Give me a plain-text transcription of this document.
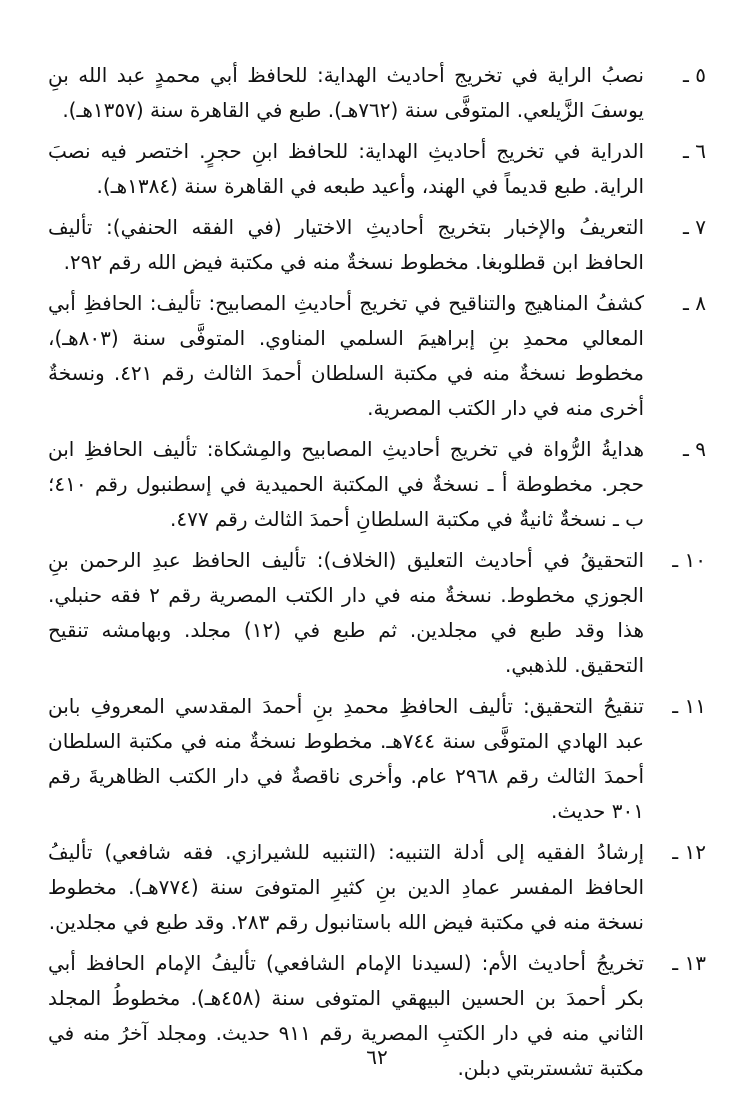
٥ ـ
نصبُ الراية في تخريج أحاديث الهداية: للحافظ أبي محمدٍ عبد الله بنِ يوسفَ الزَّيلعي. المتوفَّى سنة (٧٦٢هـ). طبع في القاهرة سنة (١٣٥٧هـ).
٦ ـ
الدراية في تخريج أحاديثِ الهداية: للحافظ ابنِ حجرٍ. اختصر فيه نصبَ الراية. طبع قديماً في الهند، وأعيد طبعه في القاهرة سنة (١٣٨٤هـ).
٧ ـ
التعريفُ والإخبار بتخريج أحاديثِ الاختيار (في الفقه الحنفي): تأليف الحافظ ابن قطلوبغا. مخطوط نسخةٌ منه في مكتبة فيض الله رقم ٢٩٢.
٨ ـ
كشفُ المناهيج والتناقيح في تخريج أحاديثِ المصابيح: تأليف: الحافظِ أبي المعالي محمدِ بنِ إبراهيمَ السلمي المناوي. المتوفَّى سنة (٨٠٣هـ)، مخطوط نسخةٌ منه في مكتبة السلطان أحمدَ الثالث رقم ٤٢١. ونسخةٌ أخرى منه في دار الكتب المصرية.
٩ ـ
هدايةُ الرُّواة في تخريج أحاديثِ المصابيح والمِشكاة: تأليف الحافظِ ابن حجر. مخطوطة أ ـ نسخةٌ في المكتبة الحميدية في إسطنبول رقم ٤١٠؛ ب ـ نسخةٌ ثانيةٌ في مكتبة السلطانِ أحمدَ الثالث رقم ٤٧٧.
١٠ ـ
التحقيقُ في أحاديث التعليق (الخلاف): تأليف الحافظ عبدِ الرحمن بنِ الجوزي مخطوط. نسخةٌ منه في دار الكتب المصرية رقم ٢ فقه حنبلي. هذا وقد طبع في مجلدين. ثم طبع في (١٢) مجلد. وبهامشه تنقيح التحقيق. للذهبي.
١١ ـ
تنقيحُ التحقيق: تأليف الحافظِ محمدِ بنِ أحمدَ المقدسي المعروفِ بابن عبد الهادي المتوفَّى سنة ٧٤٤هـ. مخطوط نسخةٌ منه في مكتبة السلطان أحمدَ الثالث رقم ٢٩٦٨ عام. وأخرى ناقصةٌ في دار الكتب الظاهريةَ رقم ٣٠١ حديث.
١٢ ـ
إرشادُ الفقيه إلى أدلة التنبيه: (التنبيه للشيرازي. فقه شافعي) تأليفُ الحافظ المفسر عمادِ الدين بنِ كثيرِ المتوفىَ سنة (٧٧٤هـ). مخطوط نسخة منه في مكتبة فيض الله باستانبول رقم ٢٨٣. وقد طبع في مجلدين.
١٣ ـ
تخريجُ أحاديث الأم: (لسيدنا الإمام الشافعي) تأليفُ الإمام الحافظ أبي بكر أحمدَ بن الحسين البيهقي المتوفى سنة (٤٥٨هـ). مخطوطُ المجلد الثاني منه في دار الكتبِ المصرية رقم ٩١١ حديث. ومجلد آخرُ منه في مكتبة تشستربتي دبلن.
٦٢
